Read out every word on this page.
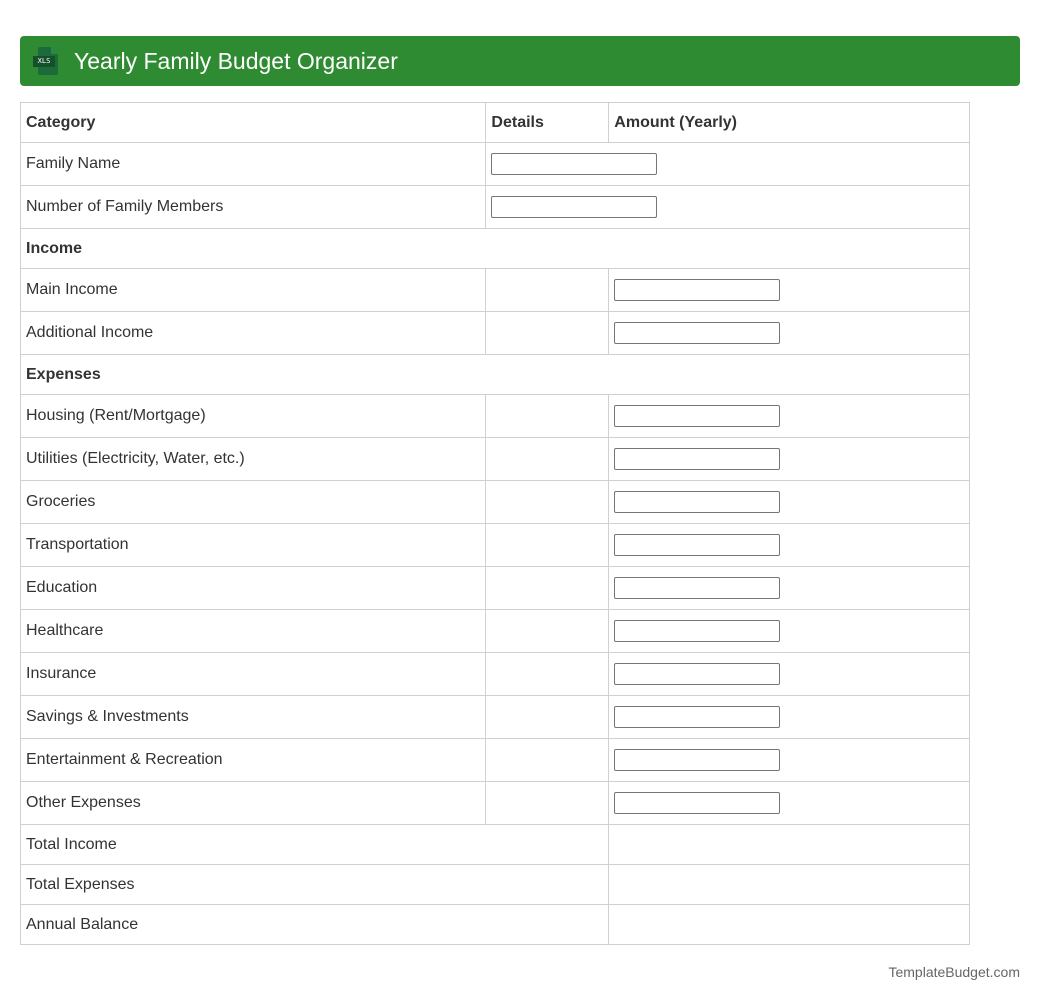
XLS Yearly Family Budget Organizer
Category	Details	Amount (Yearly)
Family Name	

Number of Family Members	

Income		
Main Income		

Additional Income		

Expenses		
Housing (Rent/Mortgage)		

Utilities (Electricity, Water, etc.)		

Groceries		

Transportation		

Education		

Healthcare		

Insurance		

Savings & Investments		

Entertainment & Recreation		

Other Expenses		

Total Income		
Total Expenses		
Annual Balance		
TemplateBudget.com
